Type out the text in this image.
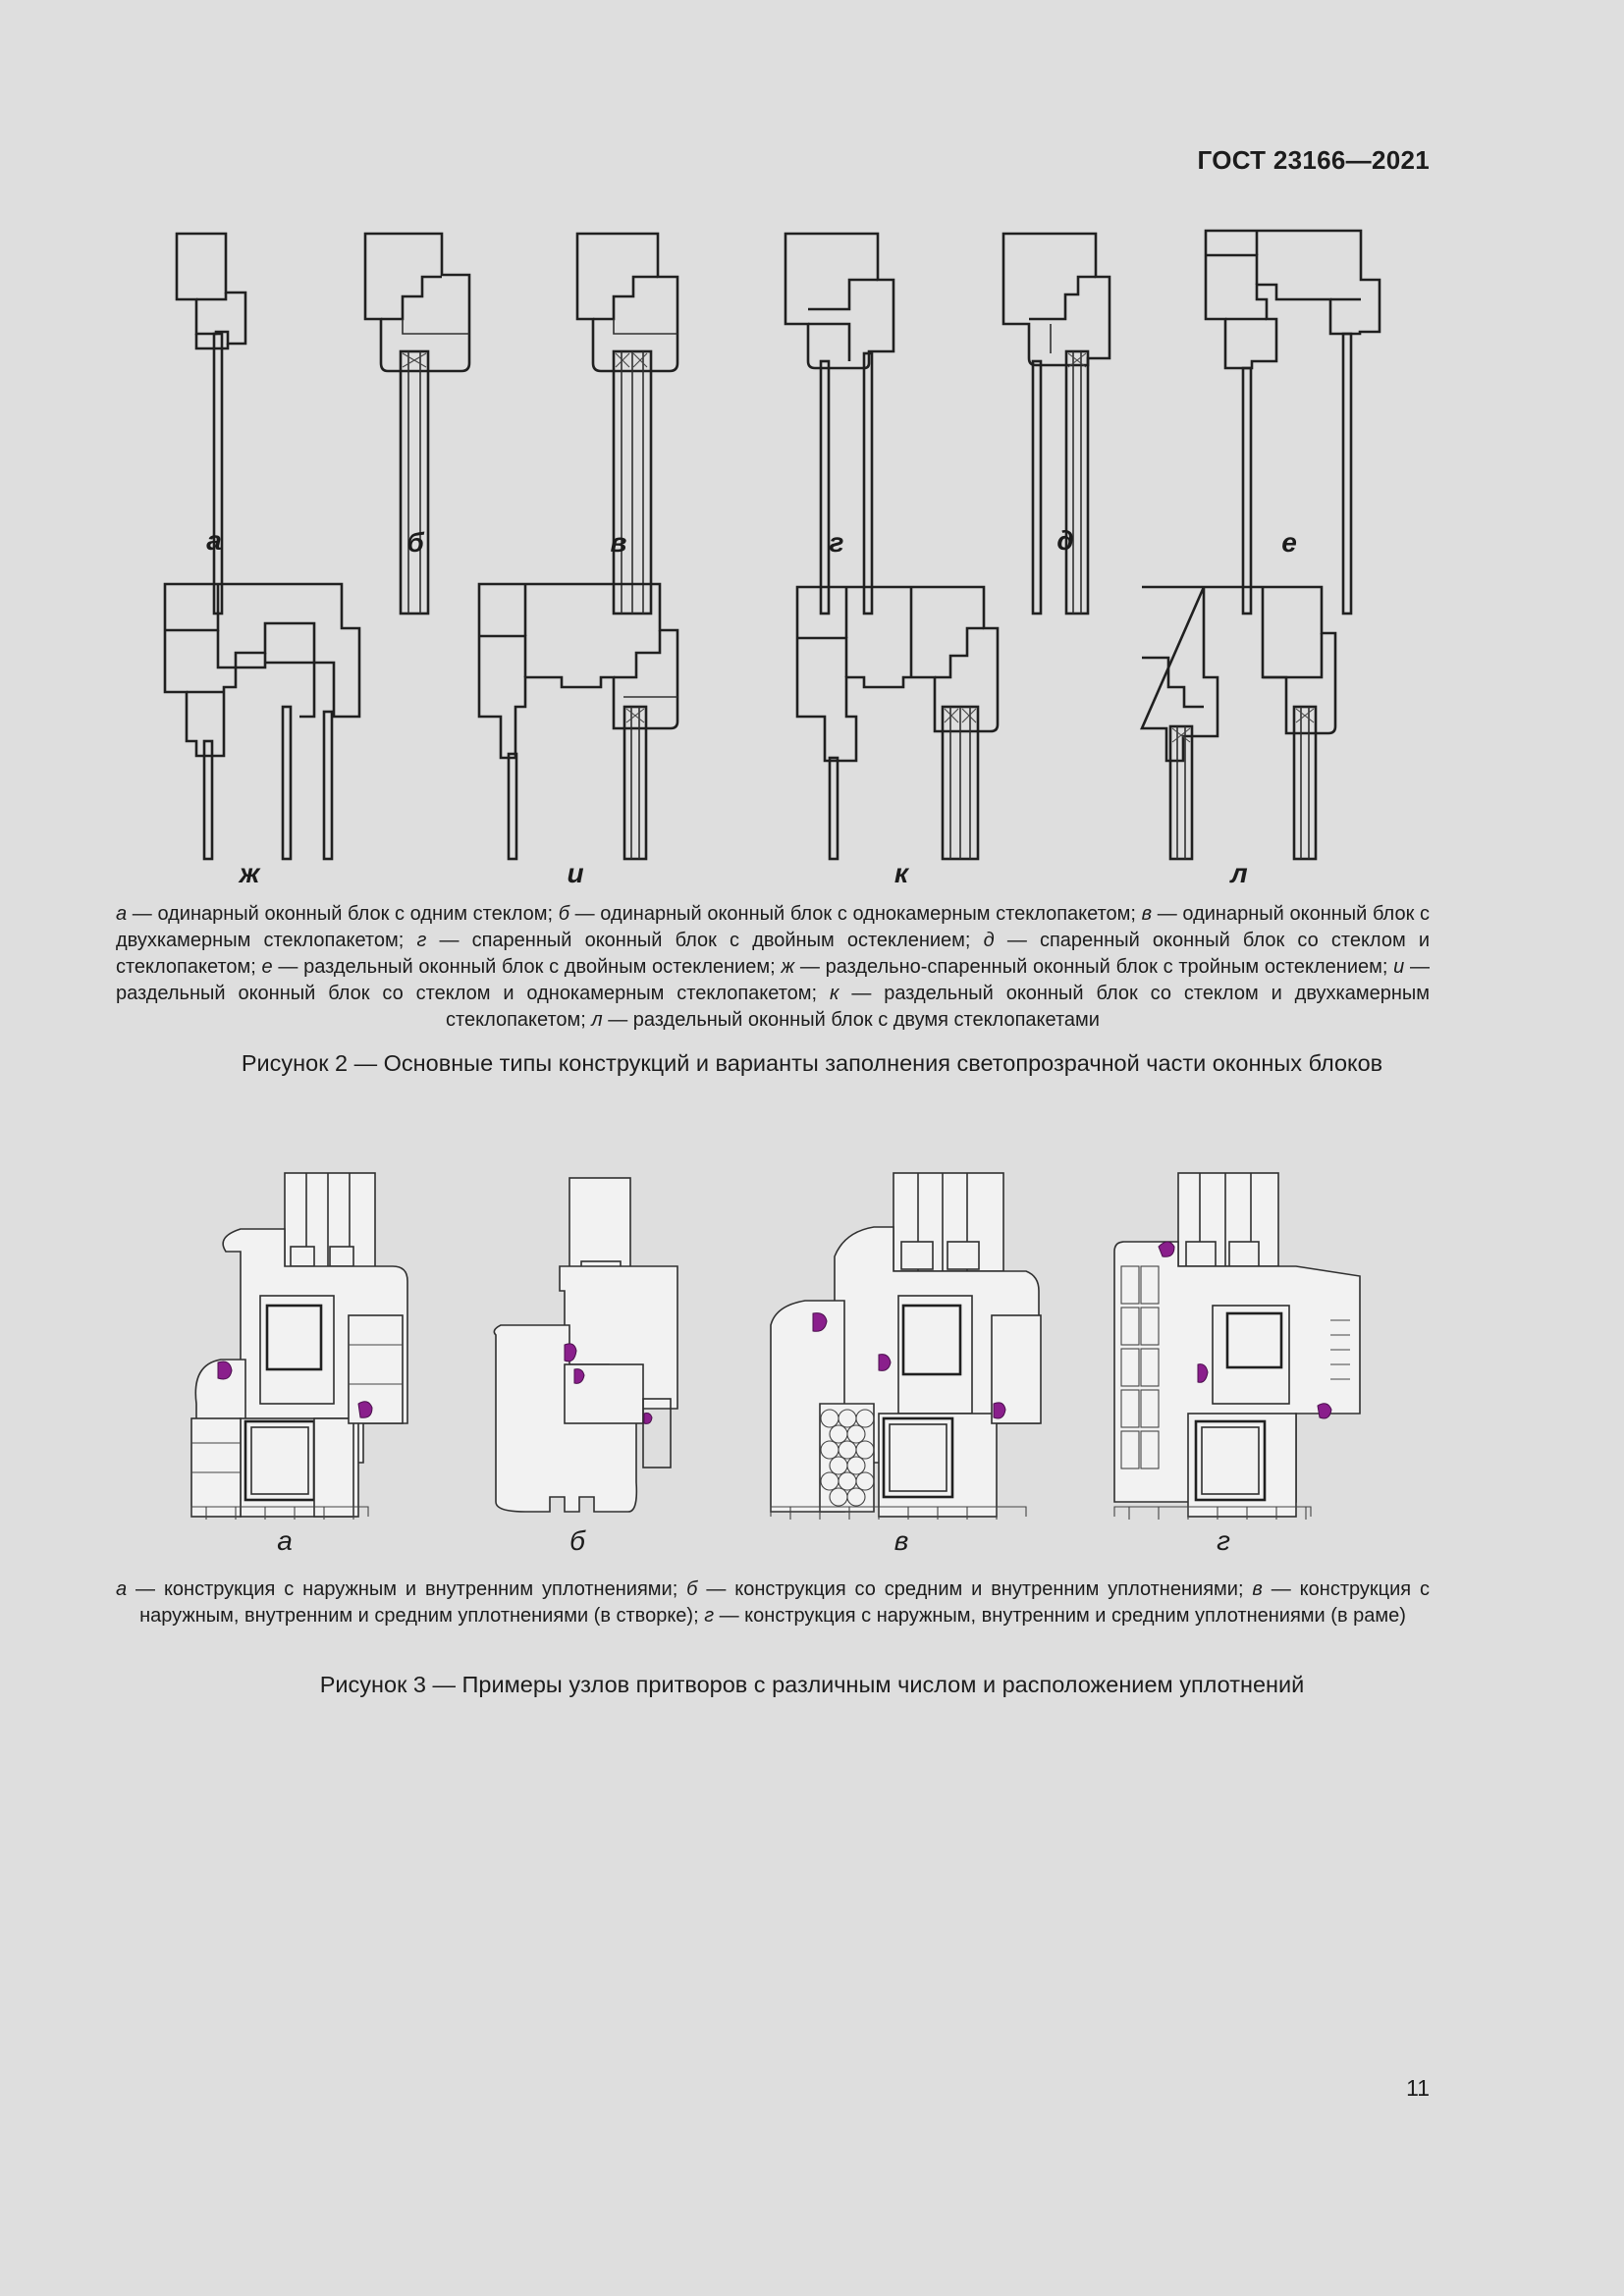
ГОСТ 23166—2021
а	б	в	г	д	е
ж	и	к	л
а — одинарный оконный блок с одним стеклом; б — одинарный оконный блок с однокамерным стеклопакетом; в — одинарный оконный блок с двухкамерным стеклопакетом; г — спаренный оконный блок с двойным остеклением; д — спаренный оконный блок со стеклом и стеклопакетом; е — раздельный оконный блок с двойным остеклением; ж — раздельно-спаренный оконный блок с тройным остеклением; и — раздельный оконный блок со стеклом и однокамерным стеклопакетом; к — раздельный оконный блок со стеклом и двухкамерным стеклопакетом; л — раздельный оконный блок с двумя стеклопакетами
Рисунок 2 — Основные типы конструкций и варианты заполнения светопрозрачной части оконных блоков
а	б	в	г
а — конструкция с наружным и внутренним уплотнениями; б — конструкция со средним и внутренним уплотнениями; в — конструкция с наружным, внутренним и средним уплотнениями (в створке); г — конструкция с наружным, внутренним и средним уплотнениями (в раме)
Рисунок 3 — Примеры узлов притворов с различным числом и расположением уплотнений
11
